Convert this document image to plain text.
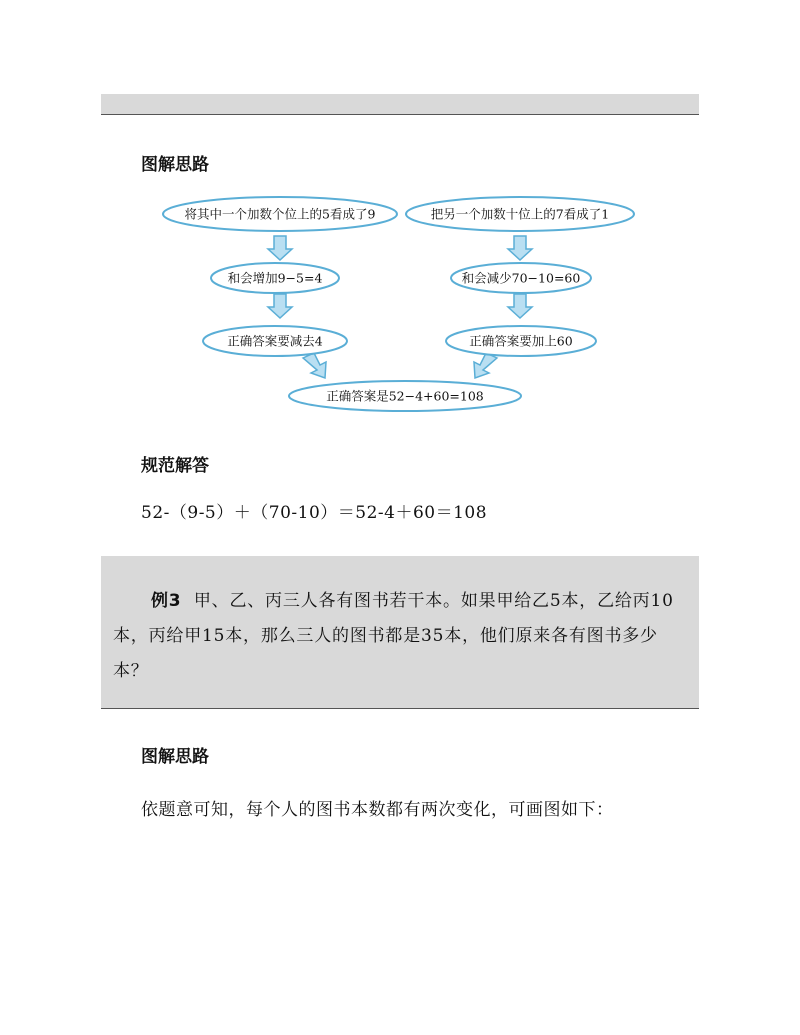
图解思路
将其中一个加数个位上的5看成了9	把另一个加数十位上的7看成了1
和会增加9−5=4	和会减少70−10=60
正确答案要减去4	正确答案要加上60
正确答案是52−4+60=108
规范解答
52-（9-5）＋（70-10）＝52-4＋60＝108
例3 甲、乙、丙三人各有图书若干本。如果甲给乙5本，乙给丙10本，丙给甲15本，那么三人的图书都是35本，他们原来各有图书多少本？
图解思路
依题意可知，每个人的图书本数都有两次变化，可画图如下：
